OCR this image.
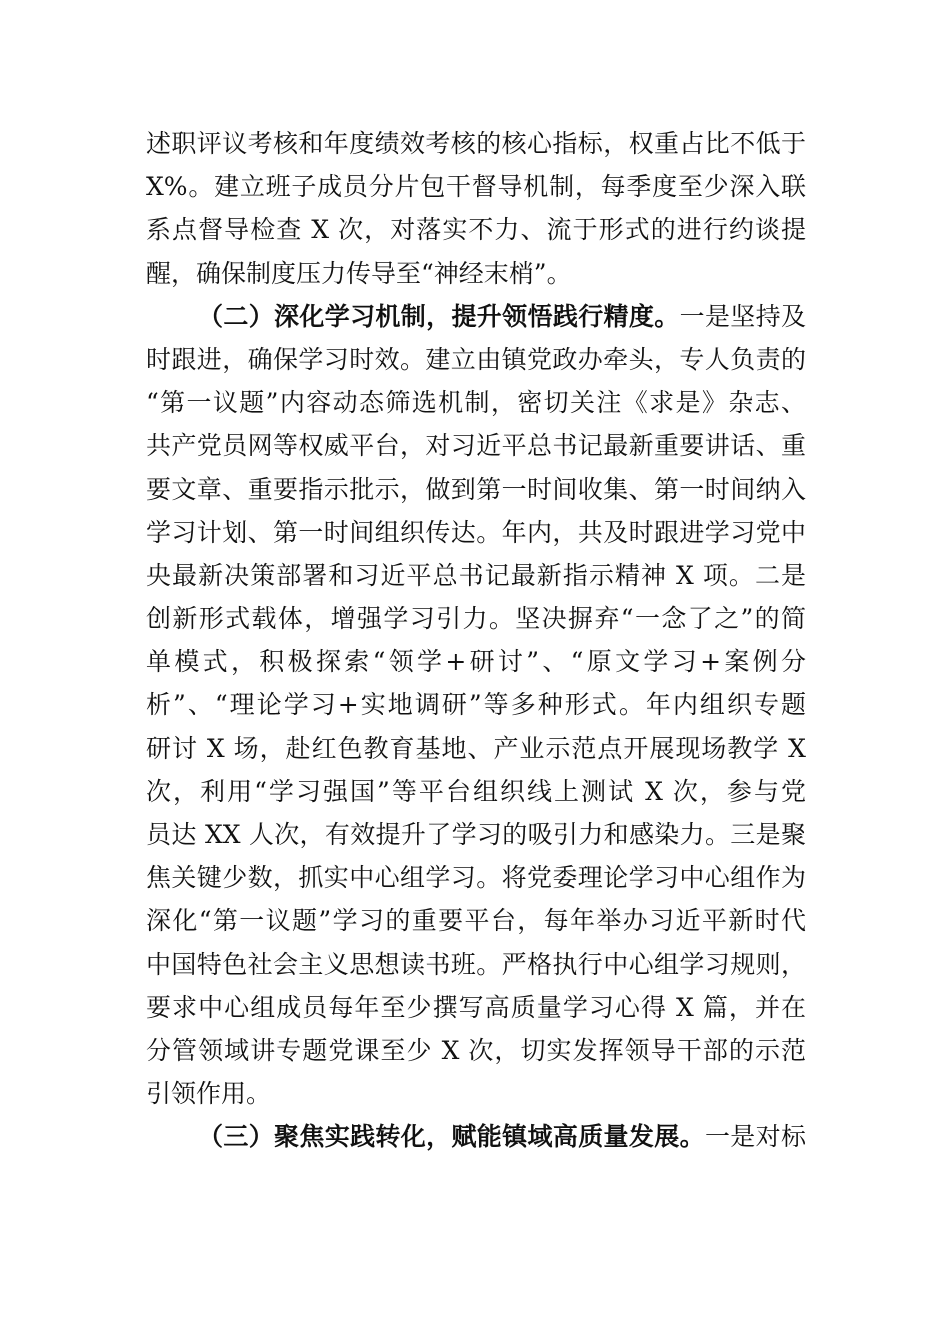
述职评议考核和年度绩效考核的核心指标，权重占比不低于
X%。建立班子成员分片包干督导机制，每季度至少深入联
系点督导检查 X 次，对落实不力、流于形式的进行约谈提
醒，确保制度压力传导至“神经末梢”。
（二）深化学习机制，提升领悟践行精度。一是坚持及
时跟进，确保学习时效。建立由镇党政办牵头，专人负责的
“第一议题”内容动态筛选机制，密切关注《求是》杂志、
共产党员网等权威平台，对习近平总书记最新重要讲话、重
要文章、重要指示批示，做到第一时间收集、第一时间纳入
学习计划、第一时间组织传达。年内，共及时跟进学习党中
央最新决策部署和习近平总书记最新指示精神 X 项。二是
创新形式载体，增强学习引力。坚决摒弃“一念了之”的简
单模式，积极探索“领学+研讨”、“原文学习+案例分
析”、“理论学习+实地调研”等多种形式。年内组织专题
研讨 X 场，赴红色教育基地、产业示范点开展现场教学 X
次，利用“学习强国”等平台组织线上测试 X 次，参与党
员达 XX 人次，有效提升了学习的吸引力和感染力。三是聚
焦关键少数，抓实中心组学习。将党委理论学习中心组作为
深化“第一议题”学习的重要平台，每年举办习近平新时代
中国特色社会主义思想读书班。严格执行中心组学习规则，
要求中心组成员每年至少撰写高质量学习心得 X 篇，并在
分管领域讲专题党课至少 X 次，切实发挥领导干部的示范
引领作用。
（三）聚焦实践转化，赋能镇域高质量发展。一是对标
